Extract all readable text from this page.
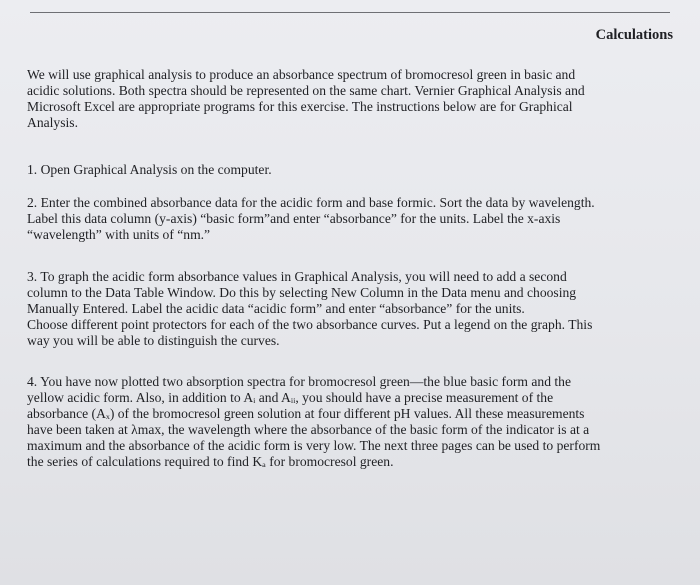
Calculations

We will use graphical analysis to produce an absorbance spectrum of bromocresol green in basic and
acidic solutions. Both spectra should be represented on the same chart. Vernier Graphical Analysis and
Microsoft Excel are appropriate programs for this exercise. The instructions below are for Graphical
Analysis.

1. Open Graphical Analysis on the computer.

2. Enter the combined absorbance data for the acidic form and base formic. Sort the data by wavelength.
Label this data column (y-axis) “basic form”and enter “absorbance” for the units. Label the x-axis
“wavelength” with units of “nm.”

3. To graph the acidic form absorbance values in Graphical Analysis, you will need to add a second
column to the Data Table Window. Do this by selecting New Column in the Data menu and choosing
Manually Entered. Label the acidic data “acidic form” and enter “absorbance” for the units.
Choose different point protectors for each of the two absorbance curves. Put a legend on the graph. This
way you will be able to distinguish the curves.

4. You have now plotted two absorption spectra for bromocresol green—the blue basic form and the
yellow acidic form. Also, in addition to Aᵢ and Aᵢᵢ, you should have a precise measurement of the
absorbance (Aₓ) of the bromocresol green solution at four different pH values. All these measurements
have been taken at λmax, the wavelength where the absorbance of the basic form of the indicator is at a
maximum and the absorbance of the acidic form is very low. The next three pages can be used to perform
the series of calculations required to find Kₐ for bromocresol green.
